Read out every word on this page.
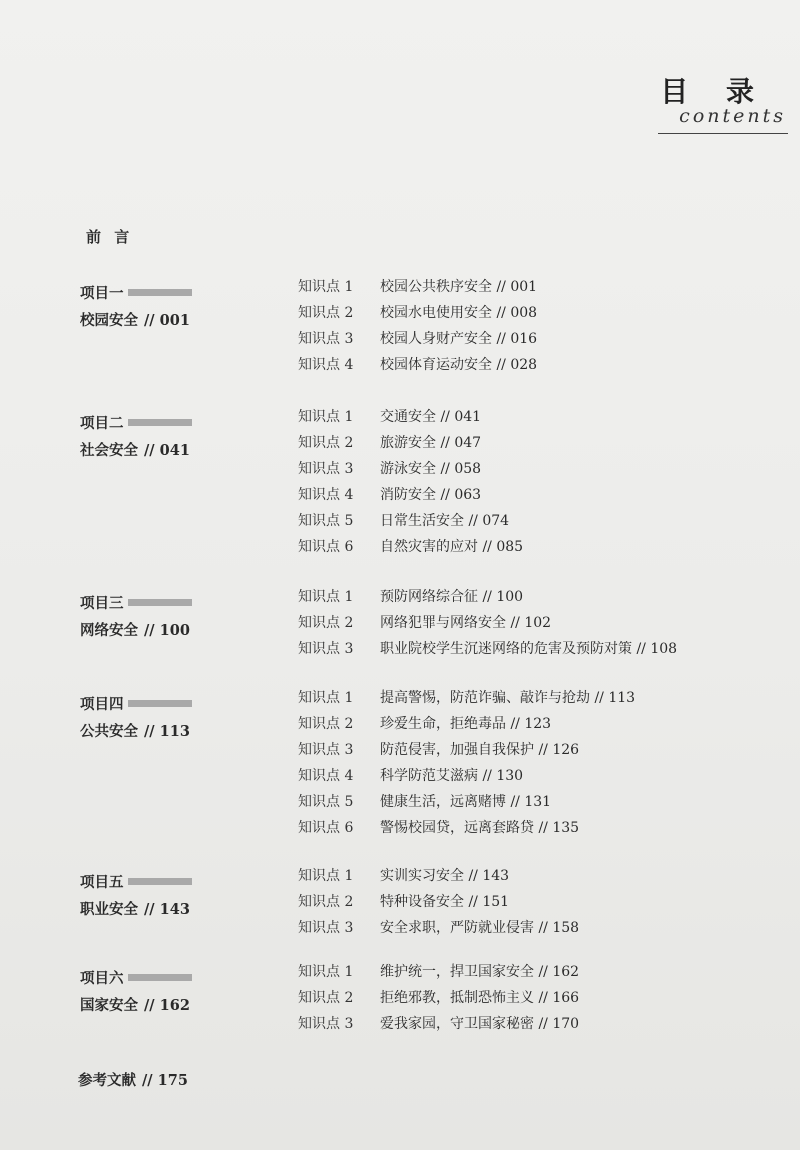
目 录
contents
前 言
项目一
校园安全 // 001
知识点 1 校园公共秩序安全 // 001
知识点 2 校园水电使用安全 // 008
知识点 3 校园人身财产安全 // 016
知识点 4 校园体育运动安全 // 028
项目二
社会安全 // 041
知识点 1 交通安全 // 041
知识点 2 旅游安全 // 047
知识点 3 游泳安全 // 058
知识点 4 消防安全 // 063
知识点 5 日常生活安全 // 074
知识点 6 自然灾害的应对 // 085
项目三
网络安全 // 100
知识点 1 预防网络综合征 // 100
知识点 2 网络犯罪与网络安全 // 102
知识点 3 职业院校学生沉迷网络的危害及预防对策 // 108
项目四
公共安全 // 113
知识点 1 提高警惕，防范诈骗、敲诈与抢劫 // 113
知识点 2 珍爱生命，拒绝毒品 // 123
知识点 3 防范侵害，加强自我保护 // 126
知识点 4 科学防范艾滋病 // 130
知识点 5 健康生活，远离赌博 // 131
知识点 6 警惕校园贷，远离套路贷 // 135
项目五
职业安全 // 143
知识点 1 实训实习安全 // 143
知识点 2 特种设备安全 // 151
知识点 3 安全求职，严防就业侵害 // 158
项目六
国家安全 // 162
知识点 1 维护统一，捍卫国家安全 // 162
知识点 2 拒绝邪教，抵制恐怖主义 // 166
知识点 3 爱我家园，守卫国家秘密 // 170
参考文献 // 175
